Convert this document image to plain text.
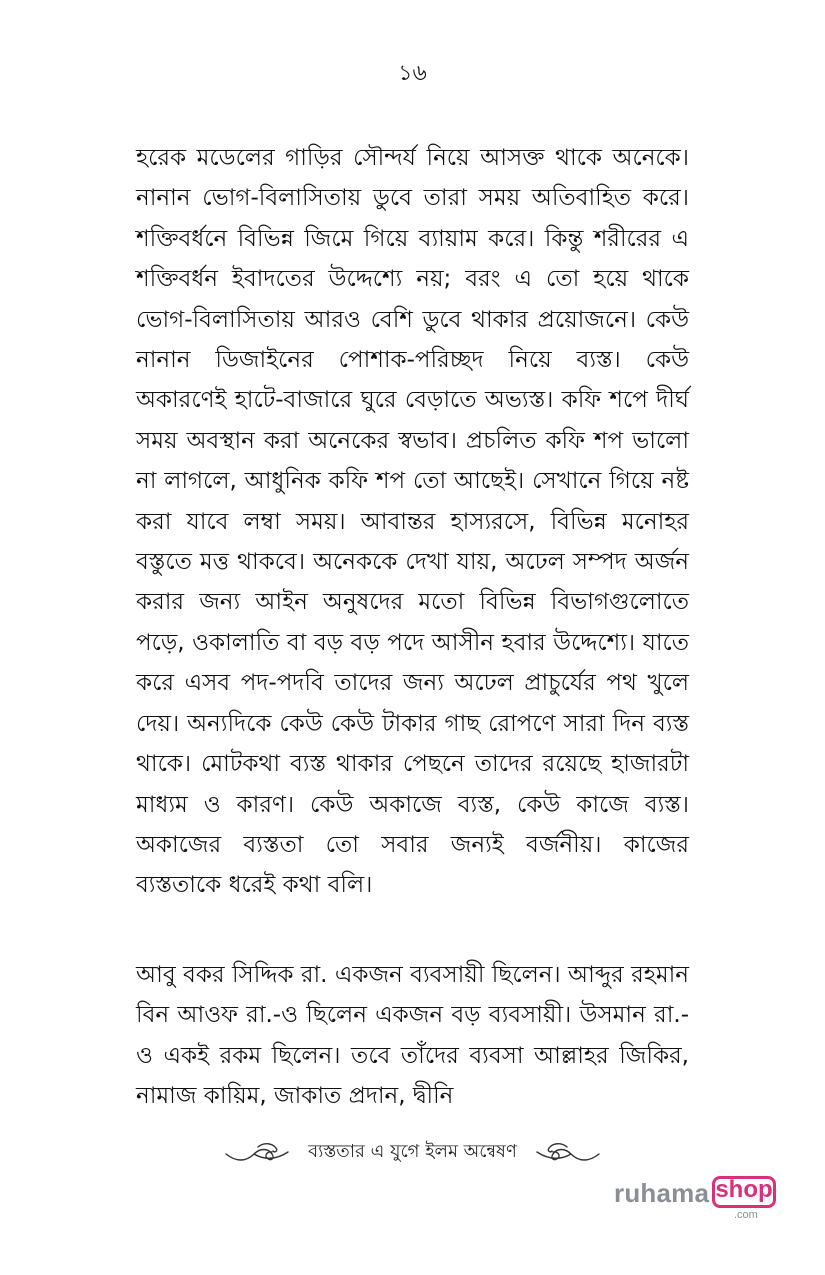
১৬

হরেক মডেলের গাড়ির সৌন্দর্য নিয়ে আসক্ত থাকে অনেকে। নানান ভোগ-বিলাসিতায় ডুবে তারা সময় অতিবাহিত করে। শক্তিবর্ধনে বিভিন্ন জিমে গিয়ে ব্যায়াম করে। কিন্তু শরীরের এ শক্তিবর্ধন ইবাদতের উদ্দেশ্যে নয়; বরং এ তো হয়ে থাকে ভোগ-বিলাসিতায় আরও বেশি ডুবে থাকার প্রয়োজনে। কেউ নানান ডিজাইনের পোশাক-পরিচ্ছদ নিয়ে ব্যস্ত। কেউ অকারণেই হাটে-বাজারে ঘুরে বেড়াতে অভ্যস্ত। কফি শপে দীর্ঘ সময় অবস্থান করা অনেকের স্বভাব। প্রচলিত কফি শপ ভালো না লাগলে, আধুনিক কফি শপ তো আছেই। সেখানে গিয়ে নষ্ট করা যাবে লম্বা সময়। আবান্তর হাস্যরসে, বিভিন্ন মনোহর বস্তুতে মত্ত থাকবে। অনেককে দেখা যায়, অঢেল সম্পদ অর্জন করার জন্য আইন অনুষদের মতো বিভিন্ন বিভাগগুলোতে পড়ে, ওকালাতি বা বড় বড় পদে আসীন হবার উদ্দেশ্যে। যাতে করে এসব পদ-পদবি তাদের জন্য অঢেল প্রাচুর্যের পথ খুলে দেয়। অন্যদিকে কেউ কেউ টাকার গাছ রোপণে সারা দিন ব্যস্ত থাকে। মোটকথা ব্যস্ত থাকার পেছনে তাদের রয়েছে হাজারটা মাধ্যম ও কারণ। কেউ অকাজে ব্যস্ত, কেউ কাজে ব্যস্ত। অকাজের ব্যস্ততা তো সবার জন্যই বর্জনীয়। কাজের ব্যস্ততাকে ধরেই কথা বলি।

আবু বকর সিদ্দিক রা. একজন ব্যবসায়ী ছিলেন। আব্দুর রহমান বিন আওফ রা.-ও ছিলেন একজন বড় ব্যবসায়ী। উসমান রা.-ও একই রকম ছিলেন। তবে তাঁদের ব্যবসা আল্লাহর জিকির, নামাজ কায়িম, জাকাত প্রদান, দ্বীনি

ব্যস্ততার এ যুগে ইলম অন্বেষণ
ruhama shop
.com
